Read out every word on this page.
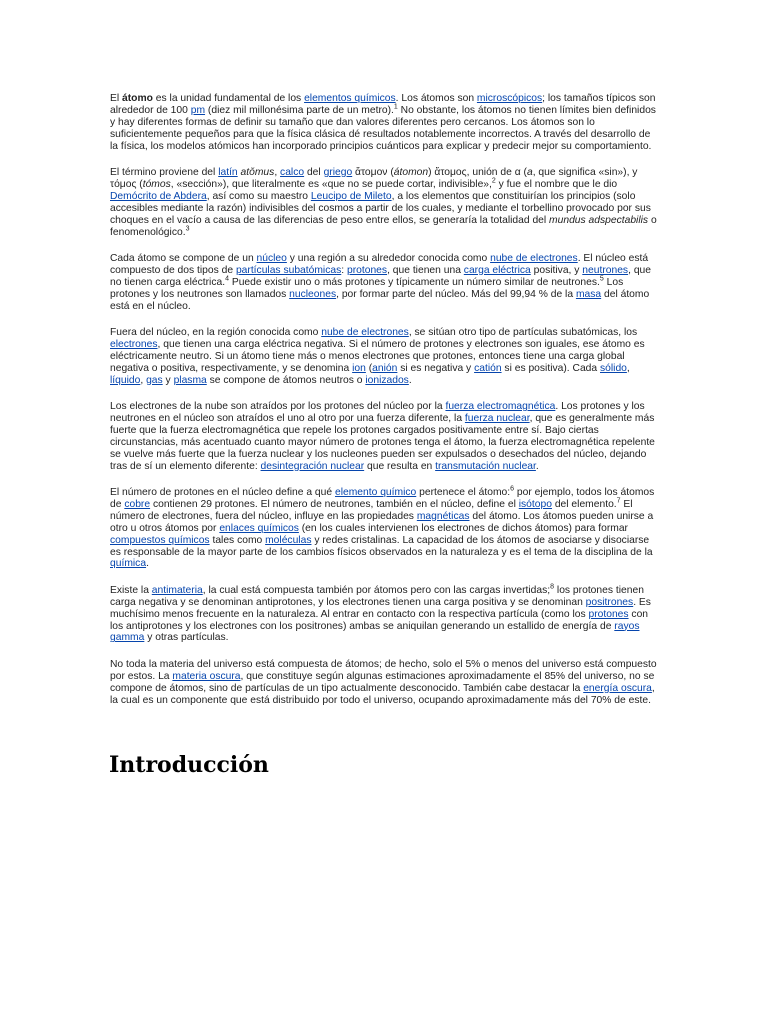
El átomo es la unidad fundamental de los elementos químicos. Los átomos son microscópicos; los tamaños típicos son alrededor de 100 pm (diez mil millonésima parte de un metro).$^1$ No obstante, los átomos no tienen límites bien definidos y hay diferentes formas de definir su tamaño que dan valores diferentes pero cercanos. Los átomos son lo suficientemente pequeños para que la física clásica dé resultados notablemente incorrectos. A través del desarrollo de la física, los modelos atómicos han incorporado principios cuánticos para explicar y predecir mejor su comportamiento.

El término proviene del latín atŏmus, calco del griego ἄτομον (átomon) ἄτομος, unión de α (a, que significa «sin»), y τόμος (tómos, «sección»), que literalmente es «que no se puede cortar, indivisible»,$^2$ y fue el nombre que le dio Demócrito de Abdera, así como su maestro Leucipo de Mileto, a los elementos que constituirían los principios (solo accesibles mediante la razón) indivisibles del cosmos a partir de los cuales, y mediante el torbellino provocado por sus choques en el vacío a causa de las diferencias de peso entre ellos, se generaría la totalidad del mundus adspectabilis o fenomenológico.$^3$

Cada átomo se compone de un núcleo y una región a su alrededor conocida como nube de electrones. El núcleo está compuesto de dos tipos de partículas subatómicas: protones, que tienen una carga eléctrica positiva, y neutrones, que no tienen carga eléctrica.$^4$ Puede existir uno o más protones y típicamente un número similar de neutrones.$^5$ Los protones y los neutrones son llamados nucleones, por formar parte del núcleo. Más del 99,94 % de la masa del átomo está en el núcleo.

Fuera del núcleo, en la región conocida como nube de electrones, se sitúan otro tipo de partículas subatómicas, los electrones, que tienen una carga eléctrica negativa. Si el número de protones y electrones son iguales, ese átomo es eléctricamente neutro. Si un átomo tiene más o menos electrones que protones, entonces tiene una carga global negativa o positiva, respectivamente, y se denomina ion (anión si es negativa y catión si es positiva). Cada sólido, líquido, gas y plasma se compone de átomos neutros o ionizados.

Los electrones de la nube son atraídos por los protones del núcleo por la fuerza electromagnética. Los protones y los neutrones en el núcleo son atraídos el uno al otro por una fuerza diferente, la fuerza nuclear, que es generalmente más fuerte que la fuerza electromagnética que repele los protones cargados positivamente entre sí. Bajo ciertas circunstancias, más acentuado cuanto mayor número de protones tenga el átomo, la fuerza electromagnética repelente se vuelve más fuerte que la fuerza nuclear y los nucleones pueden ser expulsados o desechados del núcleo, dejando tras de sí un elemento diferente: desintegración nuclear que resulta en transmutación nuclear.

El número de protones en el núcleo define a qué elemento químico pertenece el átomo:$^6$ por ejemplo, todos los átomos de cobre contienen 29 protones. El número de neutrones, también en el núcleo, define el isótopo del elemento.$^7$ El número de electrones, fuera del núcleo, influye en las propiedades magnéticas del átomo. Los átomos pueden unirse a otro u otros átomos por enlaces químicos (en los cuales intervienen los electrones de dichos átomos) para formar compuestos químicos tales como moléculas y redes cristalinas. La capacidad de los átomos de asociarse y disociarse es responsable de la mayor parte de los cambios físicos observados en la naturaleza y es el tema de la disciplina de la química.

Existe la antimateria, la cual está compuesta también por átomos pero con las cargas invertidas;$^8$ los protones tienen carga negativa y se denominan antiprotones, y los electrones tienen una carga positiva y se denominan positrones. Es muchísimo menos frecuente en la naturaleza. Al entrar en contacto con la respectiva partícula (como los protones con los antiprotones y los electrones con los positrones) ambas se aniquilan generando un estallido de energía de rayos gamma y otras partículas.

No toda la materia del universo está compuesta de átomos; de hecho, solo el 5% o menos del universo está compuesto por estos. La materia oscura, que constituye según algunas estimaciones aproximadamente el 85% del universo, no se compone de átomos, sino de partículas de un tipo actualmente desconocido. También cabe destacar la energía oscura, la cual es un componente que está distribuido por todo el universo, ocupando aproximadamente más del 70% de este.

Introducción
